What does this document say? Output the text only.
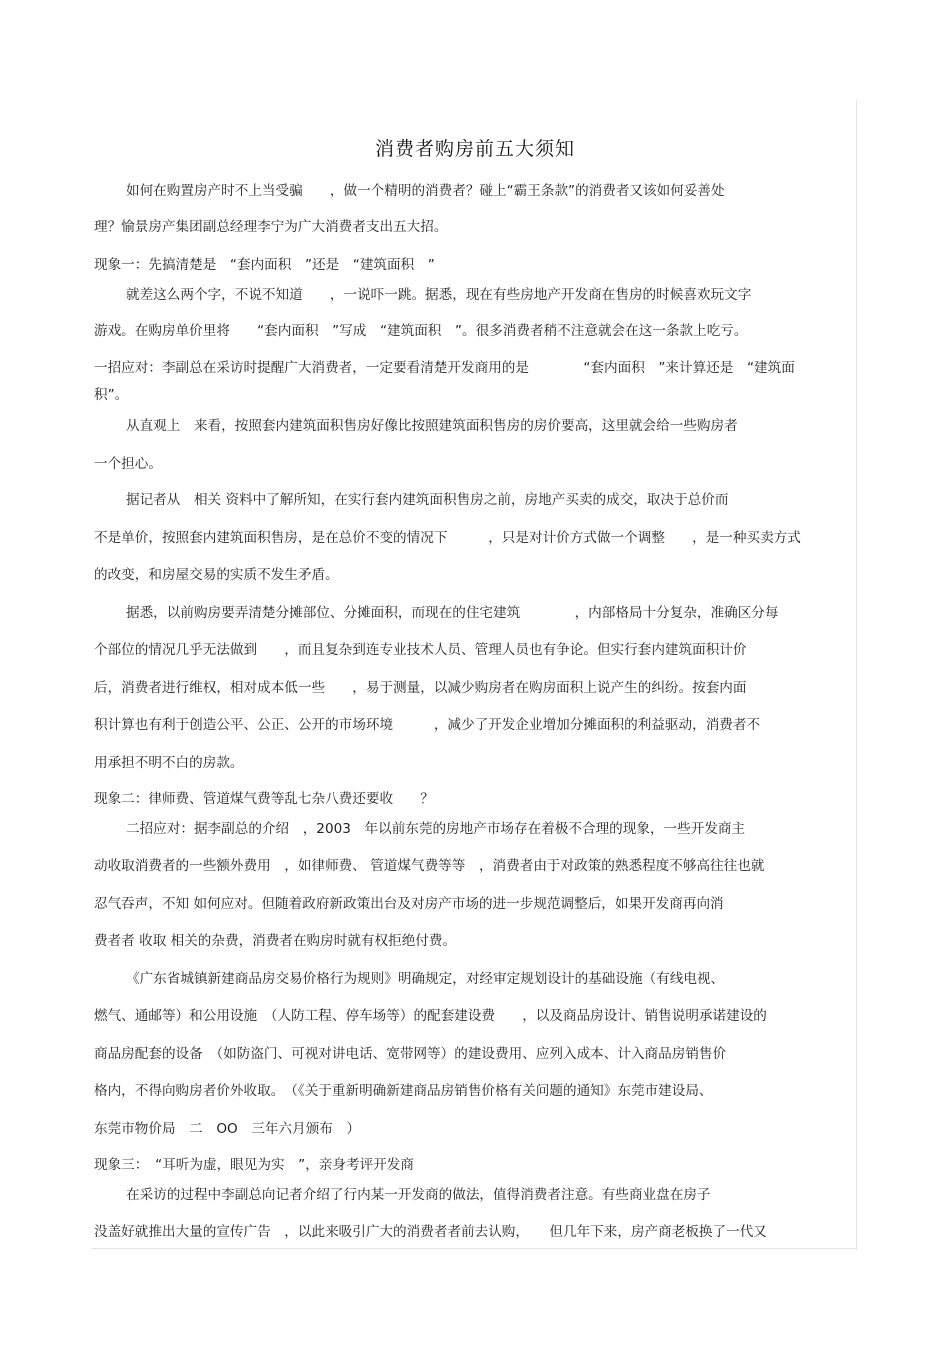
消费者购房前五大须知
如何在购置房产时不上当受骗　　，做一个精明的消费者？碰上“霸王条款”的消费者又该如何妥善处
理？愉景房产集团副总经理李宁为广大消费者支出五大招。
现象一：先搞清楚是　“套内面积　”还是　“建筑面积　”
就差这么两个字，不说不知道　　，一说吓一跳。据悉，现在有些房地产开发商在售房的时候喜欢玩文字
游戏。在购房单价里将　　“套内面积　”写成　“建筑面积　”。很多消费者稍不注意就会在这一条款上吃亏。
一招应对：李副总在采访时提醒广大消费者，一定要看清楚开发商用的是　　　　“套内面积　”来计算还是　“建筑面
积”。
从直观上　来看，按照套内建筑面积售房好像比按照建筑面积售房的房价要高，这里就会给一些购房者
一个担心。
据记者从　相关 资料中了解所知，在实行套内建筑面积售房之前，房地产买卖的成交，取决于总价而
不是单价，按照套内建筑面积售房，是在总价不变的情况下　　　，只是对计价方式做一个调整　　，是一种买卖方式
的改变，和房屋交易的实质不发生矛盾。
据悉，以前购房要弄清楚分摊部位、分摊面积，而现在的住宅建筑　　　　，内部格局十分复杂，准确区分每
个部位的情况几乎无法做到　　，而且复杂到连专业技术人员、管理人员也有争论。但实行套内建筑面积计价
后，消费者进行维权，相对成本低一些　　，易于测量，以减少购房者在购房面积上说产生的纠纷。按套内面
积计算也有利于创造公平、公正、公开的市场环境　　　，减少了开发企业增加分摊面积的利益驱动，消费者不
用承担不明不白的房款。
现象二：律师费、管道煤气费等乱七杂八费还要收　　？
二招应对：据李副总的介绍　，2003　年以前东莞的房地产市场存在着极不合理的现象，一些开发商主
动收取消费者的一些额外费用　，如律师费、 管道煤气费等等　，消费者由于对政策的熟悉程度不够高往往也就
忍气吞声，不知 如何应对。但随着政府新政策出台及对房产市场的进一步规范调整后，如果开发商再向消
费者者 收取 相关的杂费，消费者在购房时就有权拒绝付费。
《广东省城镇新建商品房交易价格行为规则》明确规定，对经审定规划设计的基础设施（有线电视、
燃气、通邮等）和公用设施　（人防工程、停车场等）的配套建设费　　，以及商品房设计、销售说明承诺建设的
商品房配套的设备　（如防盗门、可视对讲电话、宽带网等）的建设费用、应列入成本、计入商品房销售价
格内，不得向购房者价外收取。　（《关于重新明确新建商品房销售价格有关问题的通知》东莞市建设局、
东莞市物价局　二　OO　三年六月颁布　）
现象三：　“耳听为虚，眼见为实　”，亲身考评开发商
在采访的过程中李副总向记者介绍了行内某一开发商的做法，值得消费者注意。有些商业盘在房子
没盖好就推出大量的宣传广告　，以此来吸引广大的消费者者前去认购，　　但几年下来，房产商老板换了一代又
